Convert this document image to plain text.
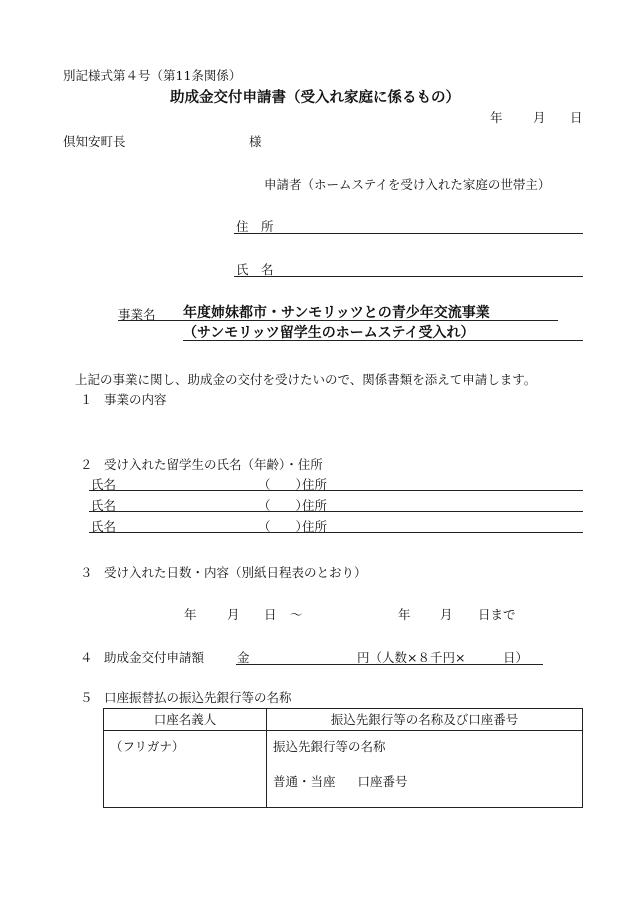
別記様式第４号（第11条関係）
助成金交付申請書（受入れ家庭に係るもの）
年 月 日
倶知安町長	様
申請者（ホームステイを受け入れた家庭の世帯主）
住　所
氏　名
事業名 年度姉妹都市・サンモリッツとの青少年交流事業
（サンモリッツ留学生のホームステイ受入れ）
上記の事業に関し、助成金の交付を受けたいので、関係書類を添えて申請します。
１ 事業の内容
２ 受け入れた留学生の氏名（年齢）・住所
氏名	（　　）
住所
氏名	（　　）
住所
氏名	（　　）
住所
３ 受け入れた日数・内容（別紙日程表のとおり）
年 月 日 ～	年 月 日まで
４ 助成金交付申請額	金	円（人数×８千円×　　　日）
５ 口座振替払の振込先銀行等の名称
口座名義人	振込先銀行等の名称及び口座番号
（フリガナ）	振込先銀行等の名称
普通・当座 口座番号
